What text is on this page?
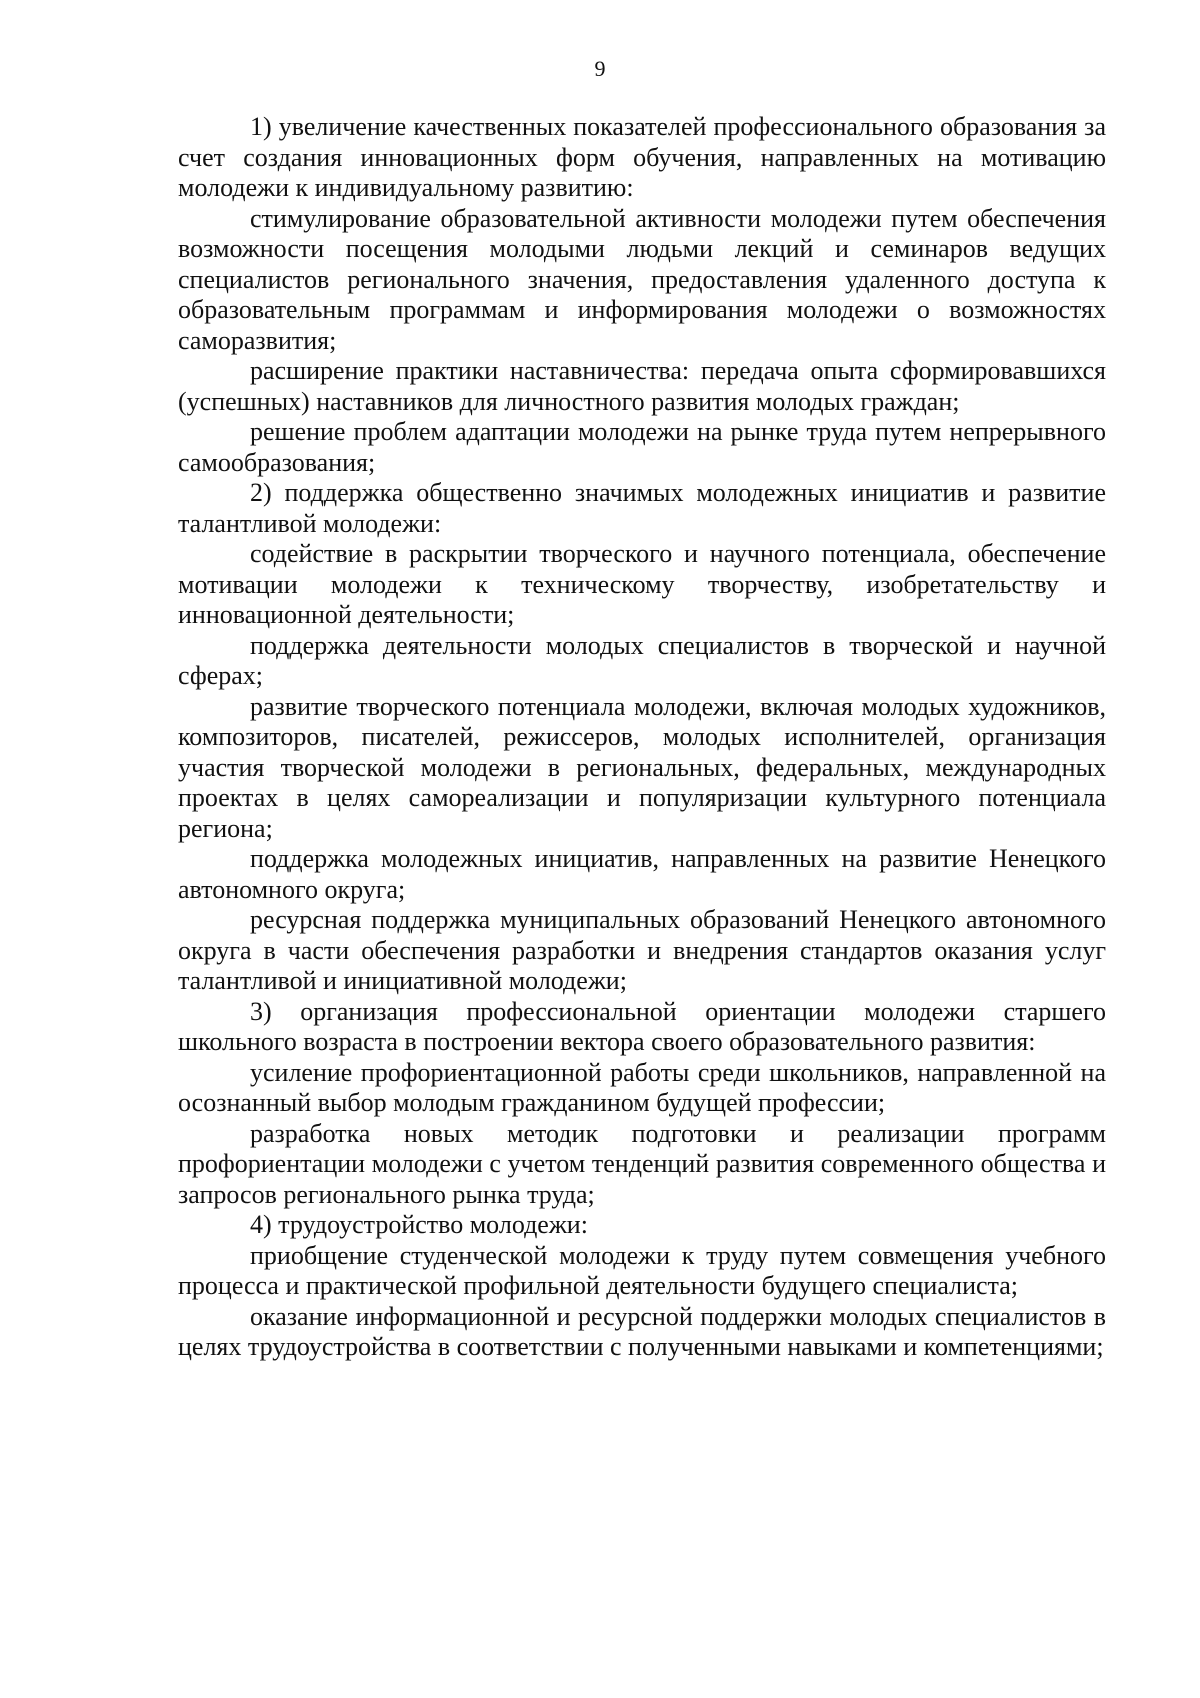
9

1) увеличение качественных показателей профессионального образования за счет создания инновационных форм обучения, направленных на мотивацию молодежи к индивидуальному развитию:

стимулирование образовательной активности молодежи путем обеспечения возможности посещения молодыми людьми лекций и семинаров ведущих специалистов регионального значения, предоставления удаленного доступа к образовательным программам и информирования молодежи о возможностях саморазвития;

расширение практики наставничества: передача опыта сформировавшихся (успешных) наставников для личностного развития молодых граждан;

решение проблем адаптации молодежи на рынке труда путем непрерывного самообразования;

2) поддержка общественно значимых молодежных инициатив и развитие талантливой молодежи:

содействие в раскрытии творческого и научного потенциала, обеспечение мотивации молодежи к техническому творчеству, изобретательству и инновационной деятельности;

поддержка деятельности молодых специалистов в творческой и научной сферах;

развитие творческого потенциала молодежи, включая молодых художников, композиторов, писателей, режиссеров, молодых исполнителей, организация участия творческой молодежи в региональных, федеральных, международных проектах в целях самореализации и популяризации культурного потенциала региона;

поддержка молодежных инициатив, направленных на развитие Ненецкого автономного округа;

ресурсная поддержка муниципальных образований Ненецкого автономного округа в части обеспечения разработки и внедрения стандартов оказания услуг талантливой и инициативной молодежи;

3) организация профессиональной ориентации молодежи старшего школьного возраста в построении вектора своего образовательного развития:

усиление профориентационной работы среди школьников, направленной на осознанный выбор молодым гражданином будущей профессии;

разработка новых методик подготовки и реализации программ профориентации молодежи с учетом тенденций развития современного общества и запросов регионального рынка труда;

4) трудоустройство молодежи:

приобщение студенческой молодежи к труду путем совмещения учебного процесса и практической профильной деятельности будущего специалиста;

оказание информационной и ресурсной поддержки молодых специалистов в целях трудоустройства в соответствии с полученными навыками и компетенциями;
